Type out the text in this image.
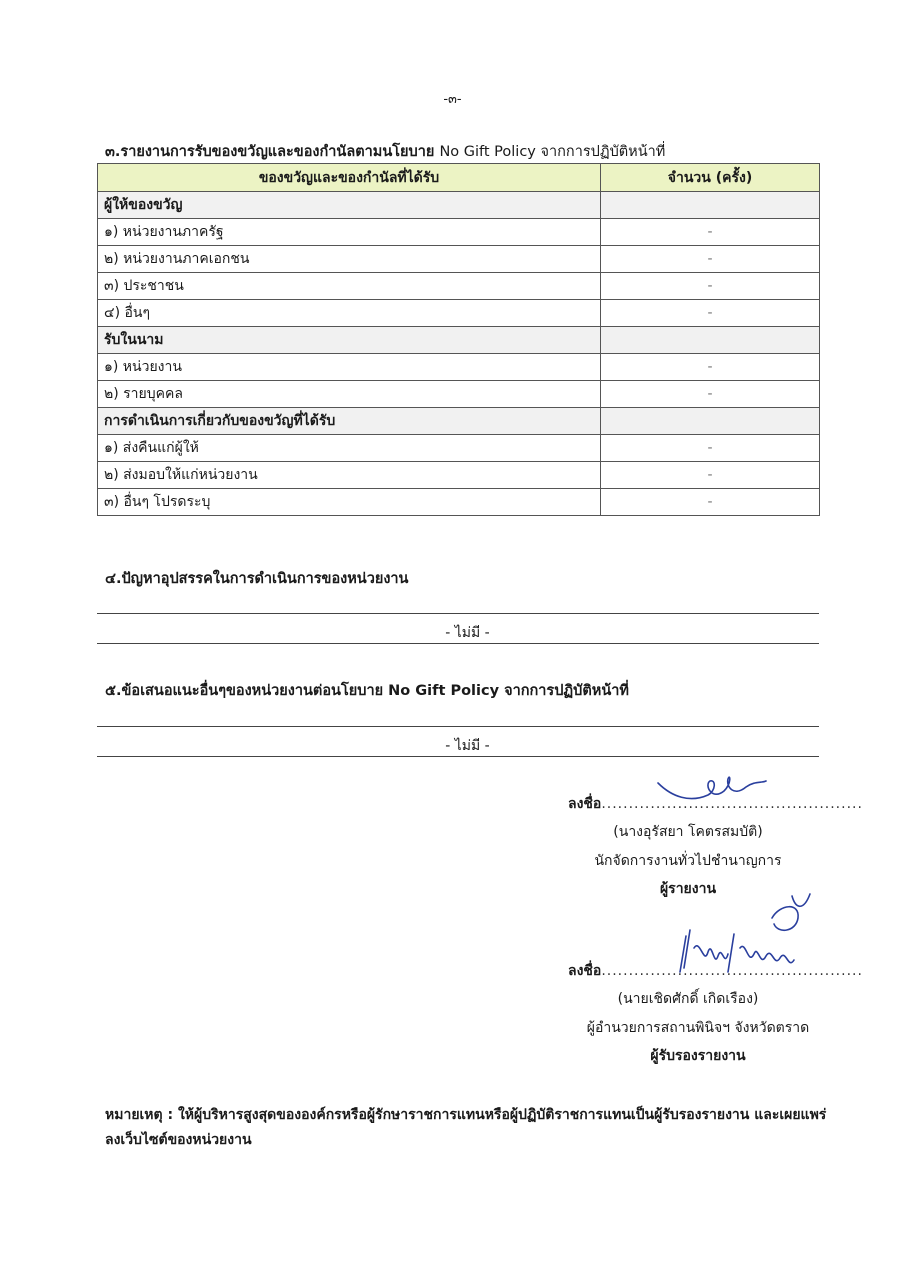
-๓-
๓.รายงานการรับของขวัญและของกำนัลตามนโยบาย No Gift Policy จากการปฏิบัติหน้าที่
ของขวัญและของกำนัลที่ได้รับ	จำนวน (ครั้ง)
ผู้ให้ของขวัญ	
๑) หน่วยงานภาครัฐ	-
๒) หน่วยงานภาคเอกชน	-
๓) ประชาชน	-
๔) อื่นๆ	-
รับในนาม	
๑) หน่วยงาน	-
๒) รายบุคคล	-
การดำเนินการเกี่ยวกับของขวัญที่ได้รับ	
๑) ส่งคืนแก่ผู้ให้	-
๒) ส่งมอบให้แก่หน่วยงาน	-
๓) อื่นๆ โปรดระบุ	-
๔.ปัญหาอุปสรรคในการดำเนินการของหน่วยงาน
- ไม่มี -
๕.ข้อเสนอแนะอื่นๆของหน่วยงานต่อนโยบาย No Gift Policy จากการปฏิบัติหน้าที่
- ไม่มี -
ลงชื่อ................................................
(นางอุรัสยา โคตรสมบัติ)
นักจัดการงานทั่วไปชำนาญการ
ผู้รายงาน
ลงชื่อ................................................
(นายเชิดศักดิ์ เกิดเรือง)
ผู้อำนวยการสถานพินิจฯ จังหวัดตราด
ผู้รับรองรายงาน
หมายเหตุ : ให้ผู้บริหารสูงสุดขององค์กรหรือผู้รักษาราชการแทนหรือผู้ปฏิบัติราชการแทนเป็นผู้รับรองรายงาน และเผยแพร่ลงเว็บไซต์ของหน่วยงาน
